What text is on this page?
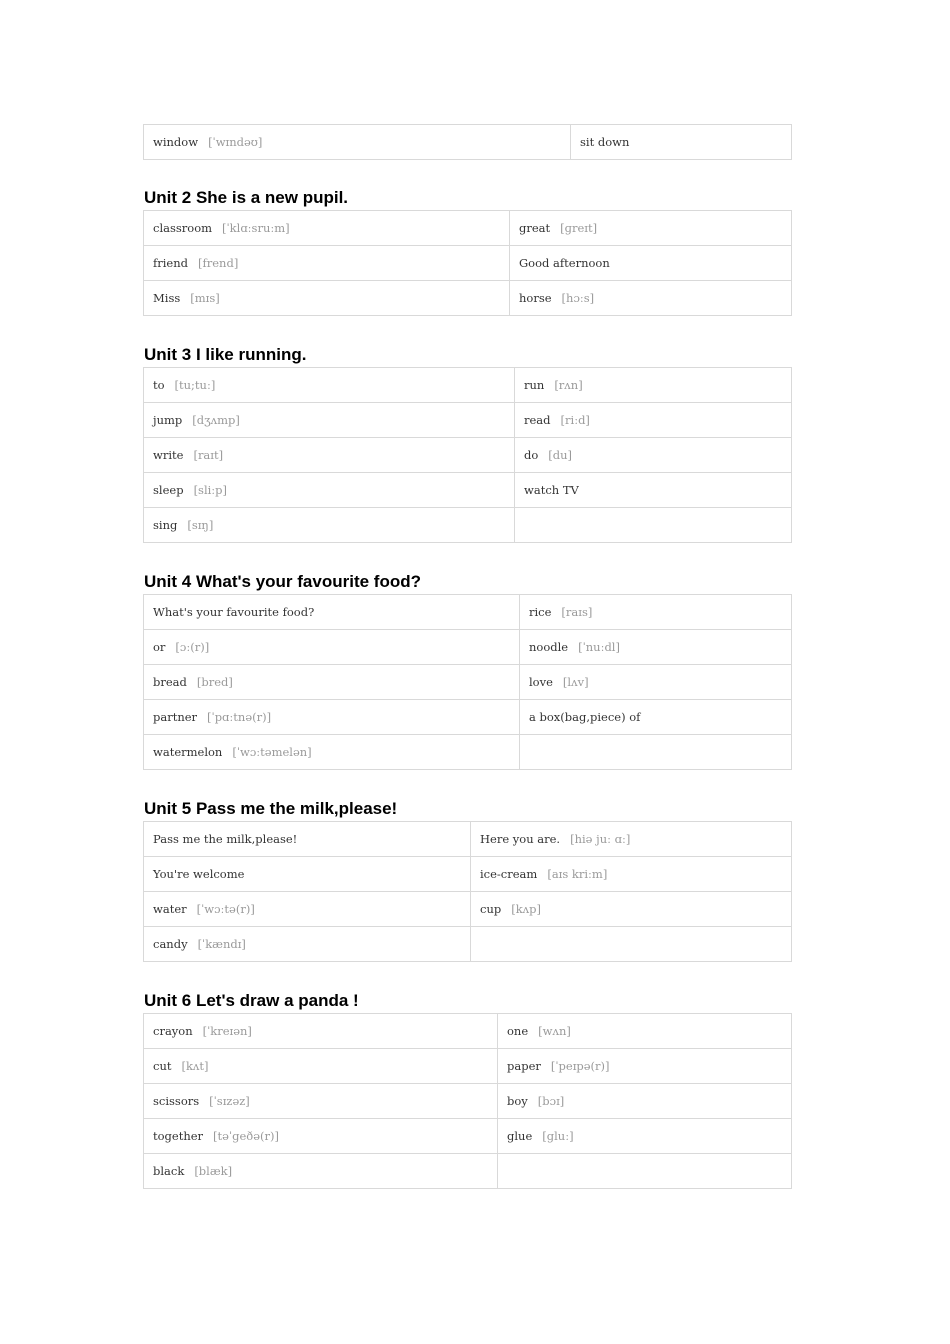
window [ˈwɪndəʊ]	sit down
Unit 2 She is a new pupil.
classroom [ˈklɑːsruːm]	great [ɡreɪt]
friend [frend]	Good afternoon
Miss [mɪs]	horse [hɔːs]
Unit 3 I like running.
to [tu;tuː]	run [rʌn]
jump [dʒʌmp]	read [riːd]
write [raɪt]	do [du]
sleep [sliːp]	watch TV
sing [sɪŋ]	
Unit 4 What's your favourite food?
What's your favourite food?	rice [raɪs]
or [ɔː(r)]	noodle [ˈnuːdl]
bread [bred]	love [lʌv]
partner [ˈpɑːtnə(r)]	a box(bag,piece) of
watermelon [ˈwɔːtəmelən]	
Unit 5 Pass me the milk,please!
Pass me the milk,please!	Here you are. [hiə juː ɑː]
You're welcome	ice-cream [aɪs kriːm]
water [ˈwɔːtə(r)]	cup [kʌp]
candy [ˈkændɪ]	
Unit 6 Let's draw a panda !
crayon [ˈkreɪən]	one [wʌn]
cut [kʌt]	paper [ˈpeɪpə(r)]
scissors [ˈsɪzəz]	boy [bɔɪ]
together [təˈgeðə(r)]	glue [gluː]
black [blæk]	
